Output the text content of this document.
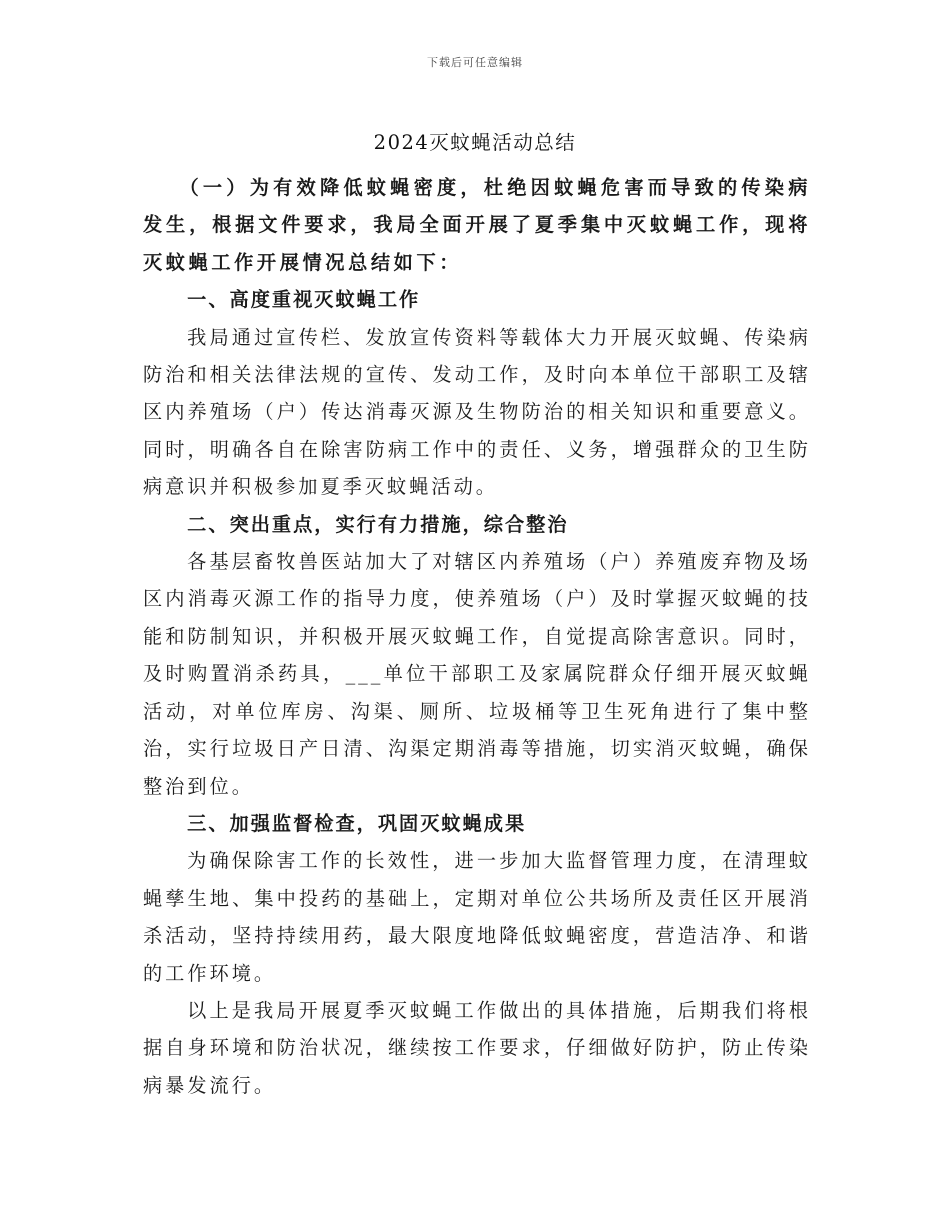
下载后可任意编辑
2024灭蚊蝇活动总结

（一）为有效降低蚊蝇密度，杜绝因蚊蝇危害而导致的传染病发生，根据文件要求，我局全面开展了夏季集中灭蚊蝇工作，现将灭蚊蝇工作开展情况总结如下：

一、高度重视灭蚊蝇工作

我局通过宣传栏、发放宣传资料等载体大力开展灭蚊蝇、传染病防治和相关法律法规的宣传、发动工作，及时向本单位干部职工及辖区内养殖场（户）传达消毒灭源及生物防治的相关知识和重要意义。同时，明确各自在除害防病工作中的责任、义务，增强群众的卫生防病意识并积极参加夏季灭蚊蝇活动。

二、突出重点，实行有力措施，综合整治

各基层畜牧兽医站加大了对辖区内养殖场（户）养殖废弃物及场区内消毒灭源工作的指导力度，使养殖场（户）及时掌握灭蚊蝇的技能和防制知识，并积极开展灭蚊蝇工作，自觉提高除害意识。同时，及时购置消杀药具，___单位干部职工及家属院群众仔细开展灭蚊蝇活动，对单位库房、沟渠、厕所、垃圾桶等卫生死角进行了集中整治，实行垃圾日产日清、沟渠定期消毒等措施，切实消灭蚊蝇，确保整治到位。

三、加强监督检查，巩固灭蚊蝇成果

为确保除害工作的长效性，进一步加大监督管理力度，在清理蚊蝇孳生地、集中投药的基础上，定期对单位公共场所及责任区开展消杀活动，坚持持续用药，最大限度地降低蚊蝇密度，营造洁净、和谐的工作环境。

以上是我局开展夏季灭蚊蝇工作做出的具体措施，后期我们将根据自身环境和防治状况，继续按工作要求，仔细做好防护，防止传染病暴发流行。
